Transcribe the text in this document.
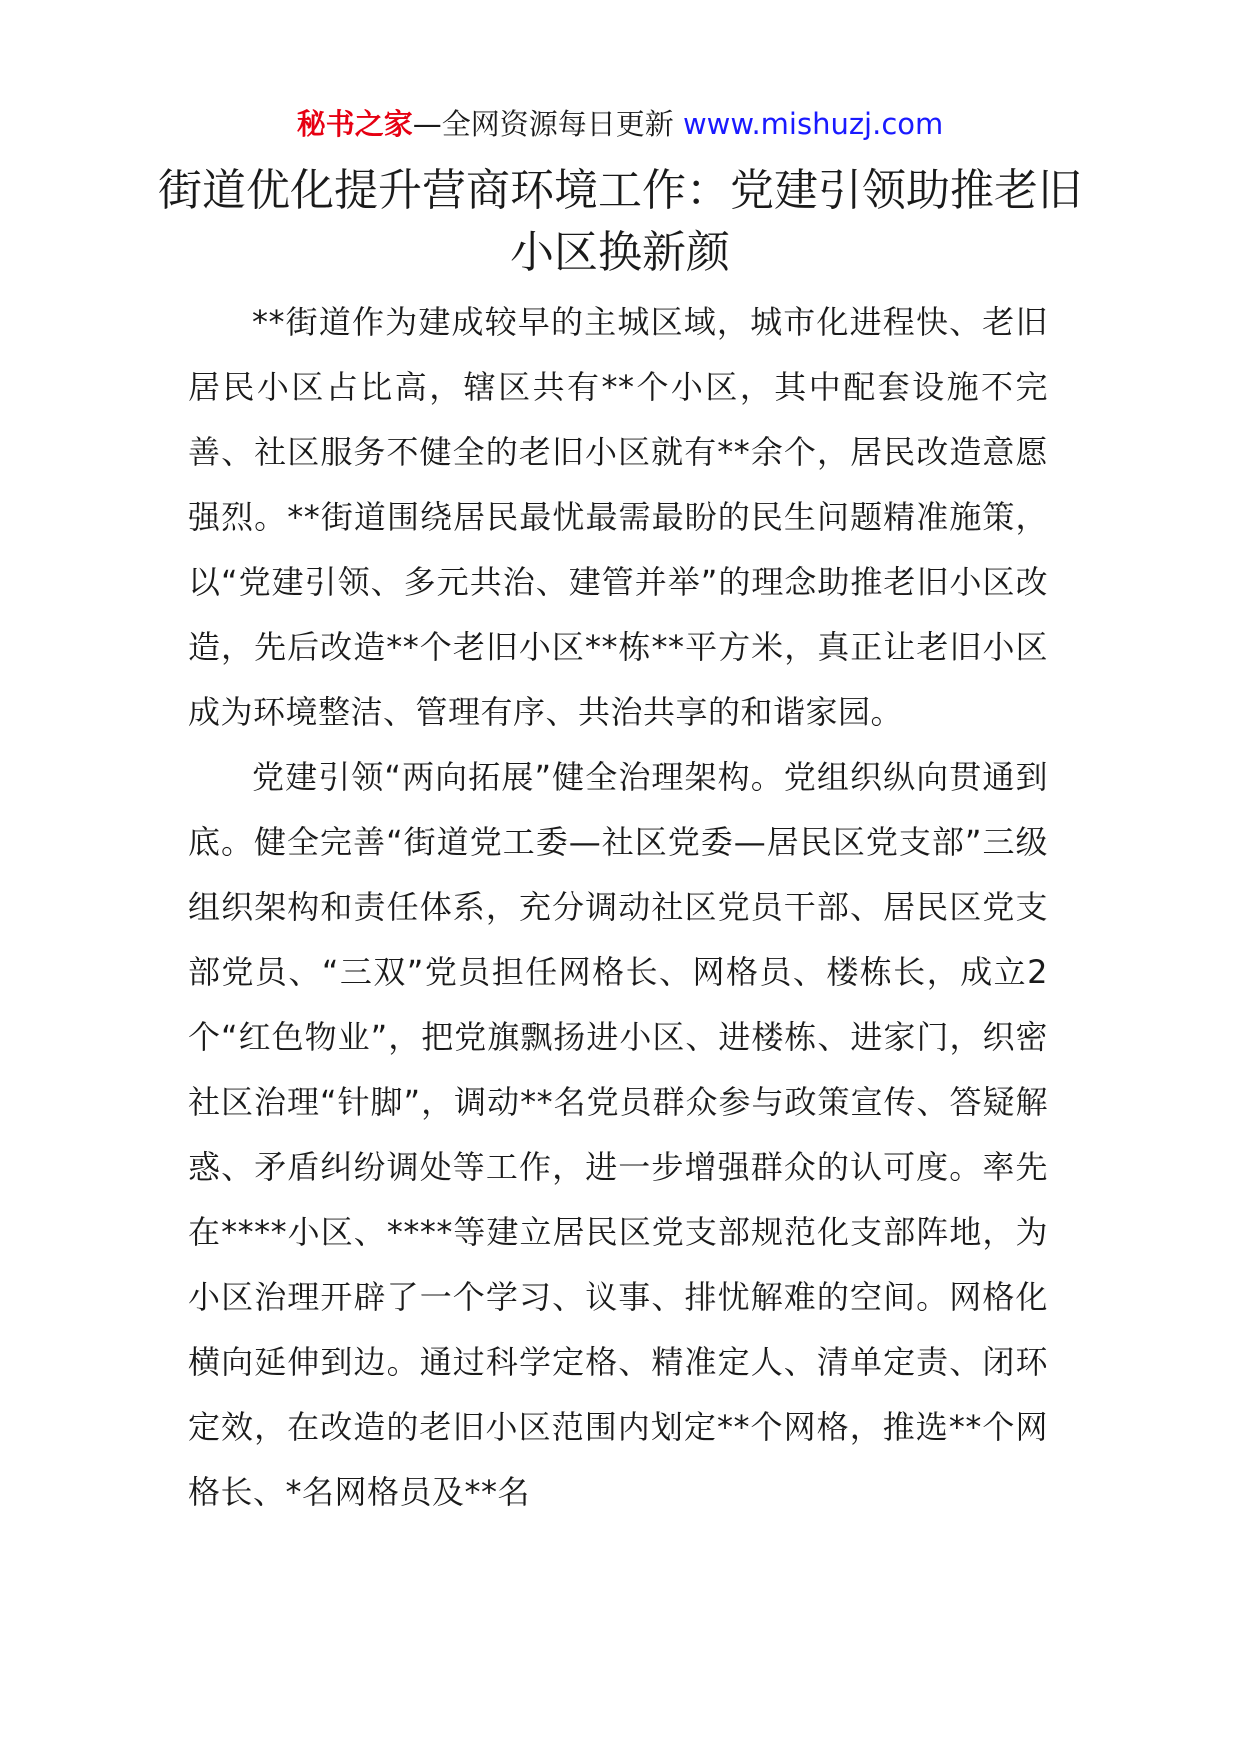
秘书之家—全网资源每日更新 www.mishuzj.com
街道优化提升营商环境工作：党建引领助推老旧小区换新颜

**街道作为建成较早的主城区域，城市化进程快、老旧居民小区占比高，辖区共有**个小区，其中配套设施不完善、社区服务不健全的老旧小区就有**余个，居民改造意愿强烈。**街道围绕居民最忧最需最盼的民生问题精准施策，以“党建引领、多元共治、建管并举”的理念助推老旧小区改造，先后改造**个老旧小区**栋**平方米，真正让老旧小区成为环境整洁、管理有序、共治共享的和谐家园。

党建引领“两向拓展”健全治理架构。党组织纵向贯通到底。健全完善“街道党工委—社区党委—居民区党支部”三级组织架构和责任体系，充分调动社区党员干部、居民区党支部党员、“三双”党员担任网格长、网格员、楼栋长，成立2个“红色物业”，把党旗飘扬进小区、进楼栋、进家门，织密社区治理“针脚”，调动**名党员群众参与政策宣传、答疑解惑、矛盾纠纷调处等工作，进一步增强群众的认可度。率先在****小区、****等建立居民区党支部规范化支部阵地，为小区治理开辟了一个学习、议事、排忧解难的空间。网格化横向延伸到边。通过科学定格、精准定人、清单定责、闭环定效，在改造的老旧小区范围内划定**个网格，推选**个网格长、*名网格员及**名
